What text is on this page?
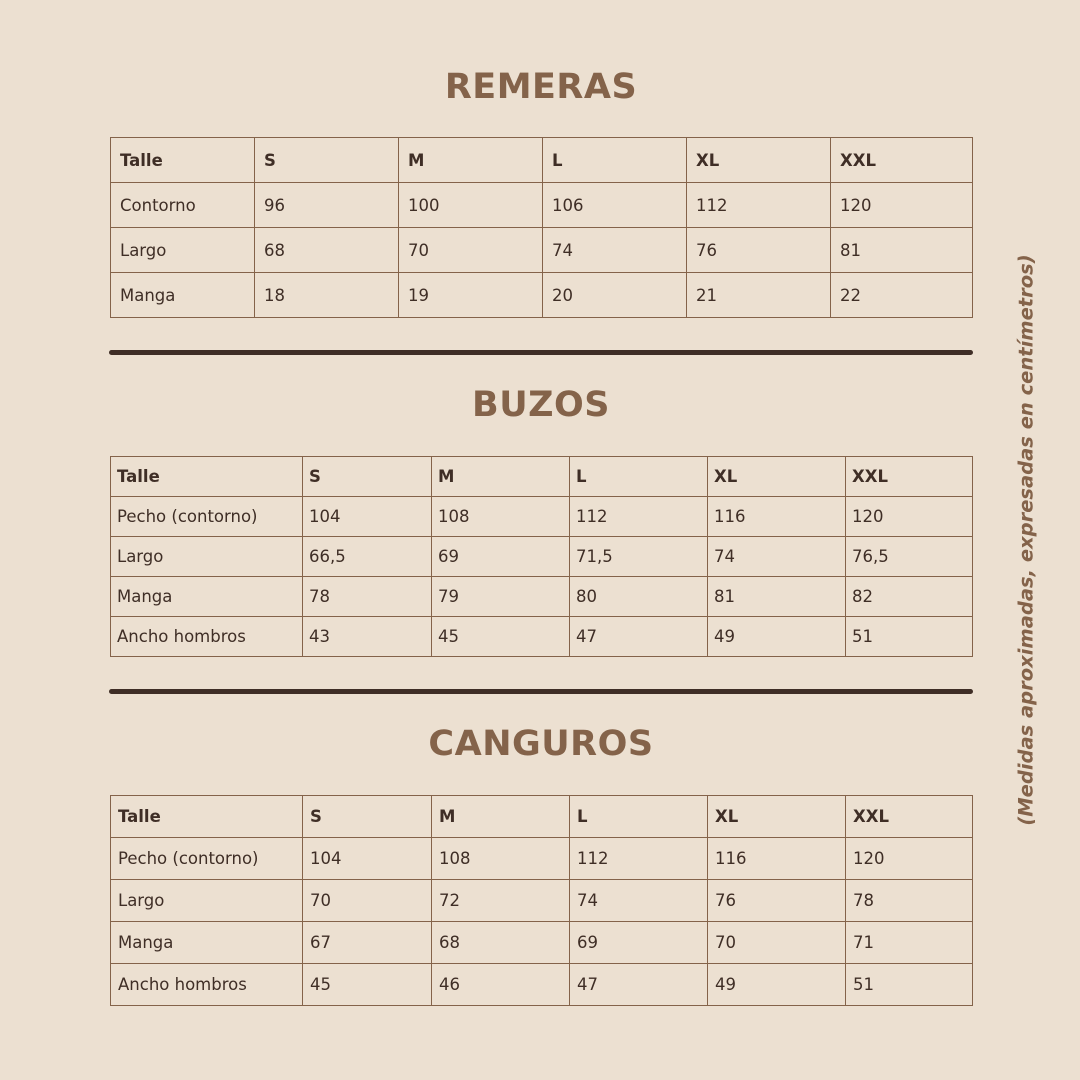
REMERAS
Talle	S	M	L	XL	XXL
Contorno	96	100	106	112	120
Largo	68	70	74	76	81
Manga	18	19	20	21	22
BUZOS
Talle	S	M	L	XL	XXL
Pecho (contorno)	104	108	112	116	120
Largo	66,5	69	71,5	74	76,5
Manga	78	79	80	81	82
Ancho hombros	43	45	47	49	51
CANGUROS
Talle	S	M	L	XL	XXL
Pecho (contorno)	104	108	112	116	120
Largo	70	72	74	76	78
Manga	67	68	69	70	71
Ancho hombros	45	46	47	49	51
(Medidas aproximadas, expresadas en centímetros)
